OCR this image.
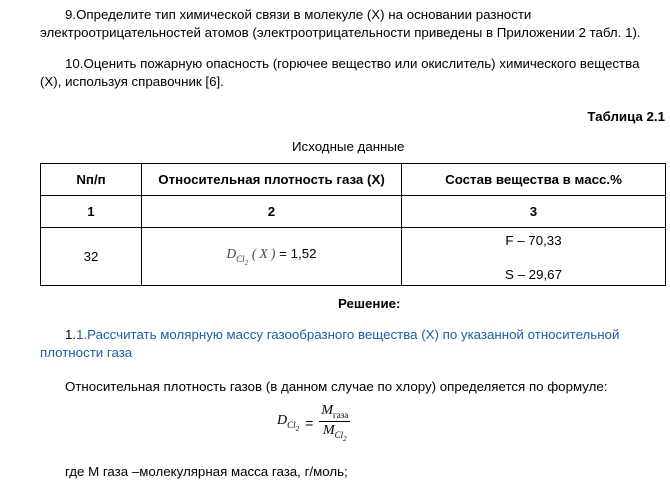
9.Определите тип химической связи в молекуле (Х) на основании разности
электроотрицательностей атомов (электроотрицательности приведены в Приложении 2 табл. 1).
10.Оценить пожарную опасность (горючее вещество или окислитель) химического вещества
(Х), используя справочник [6].
Таблица 2.1
Исходные данные
Nп/п	Относительная плотность газа (Х)	Состав вещества в масс.%
1	2	3
32	$D_{Cl_2}$ ( X ) = 1,52	F – 70,33
S – 29,67
Решение:
1.1.Рассчитать молярную массу газообразного вещества (Х) по указанной относительной
плотности газа
Относительная плотность газов (в данном случае по хлору) определяется по формуле:
$D_{Cl_2} = \frac{M_{газа}}{M_{Cl_2}}$
где М газа –молекулярная масса газа, г/моль;
